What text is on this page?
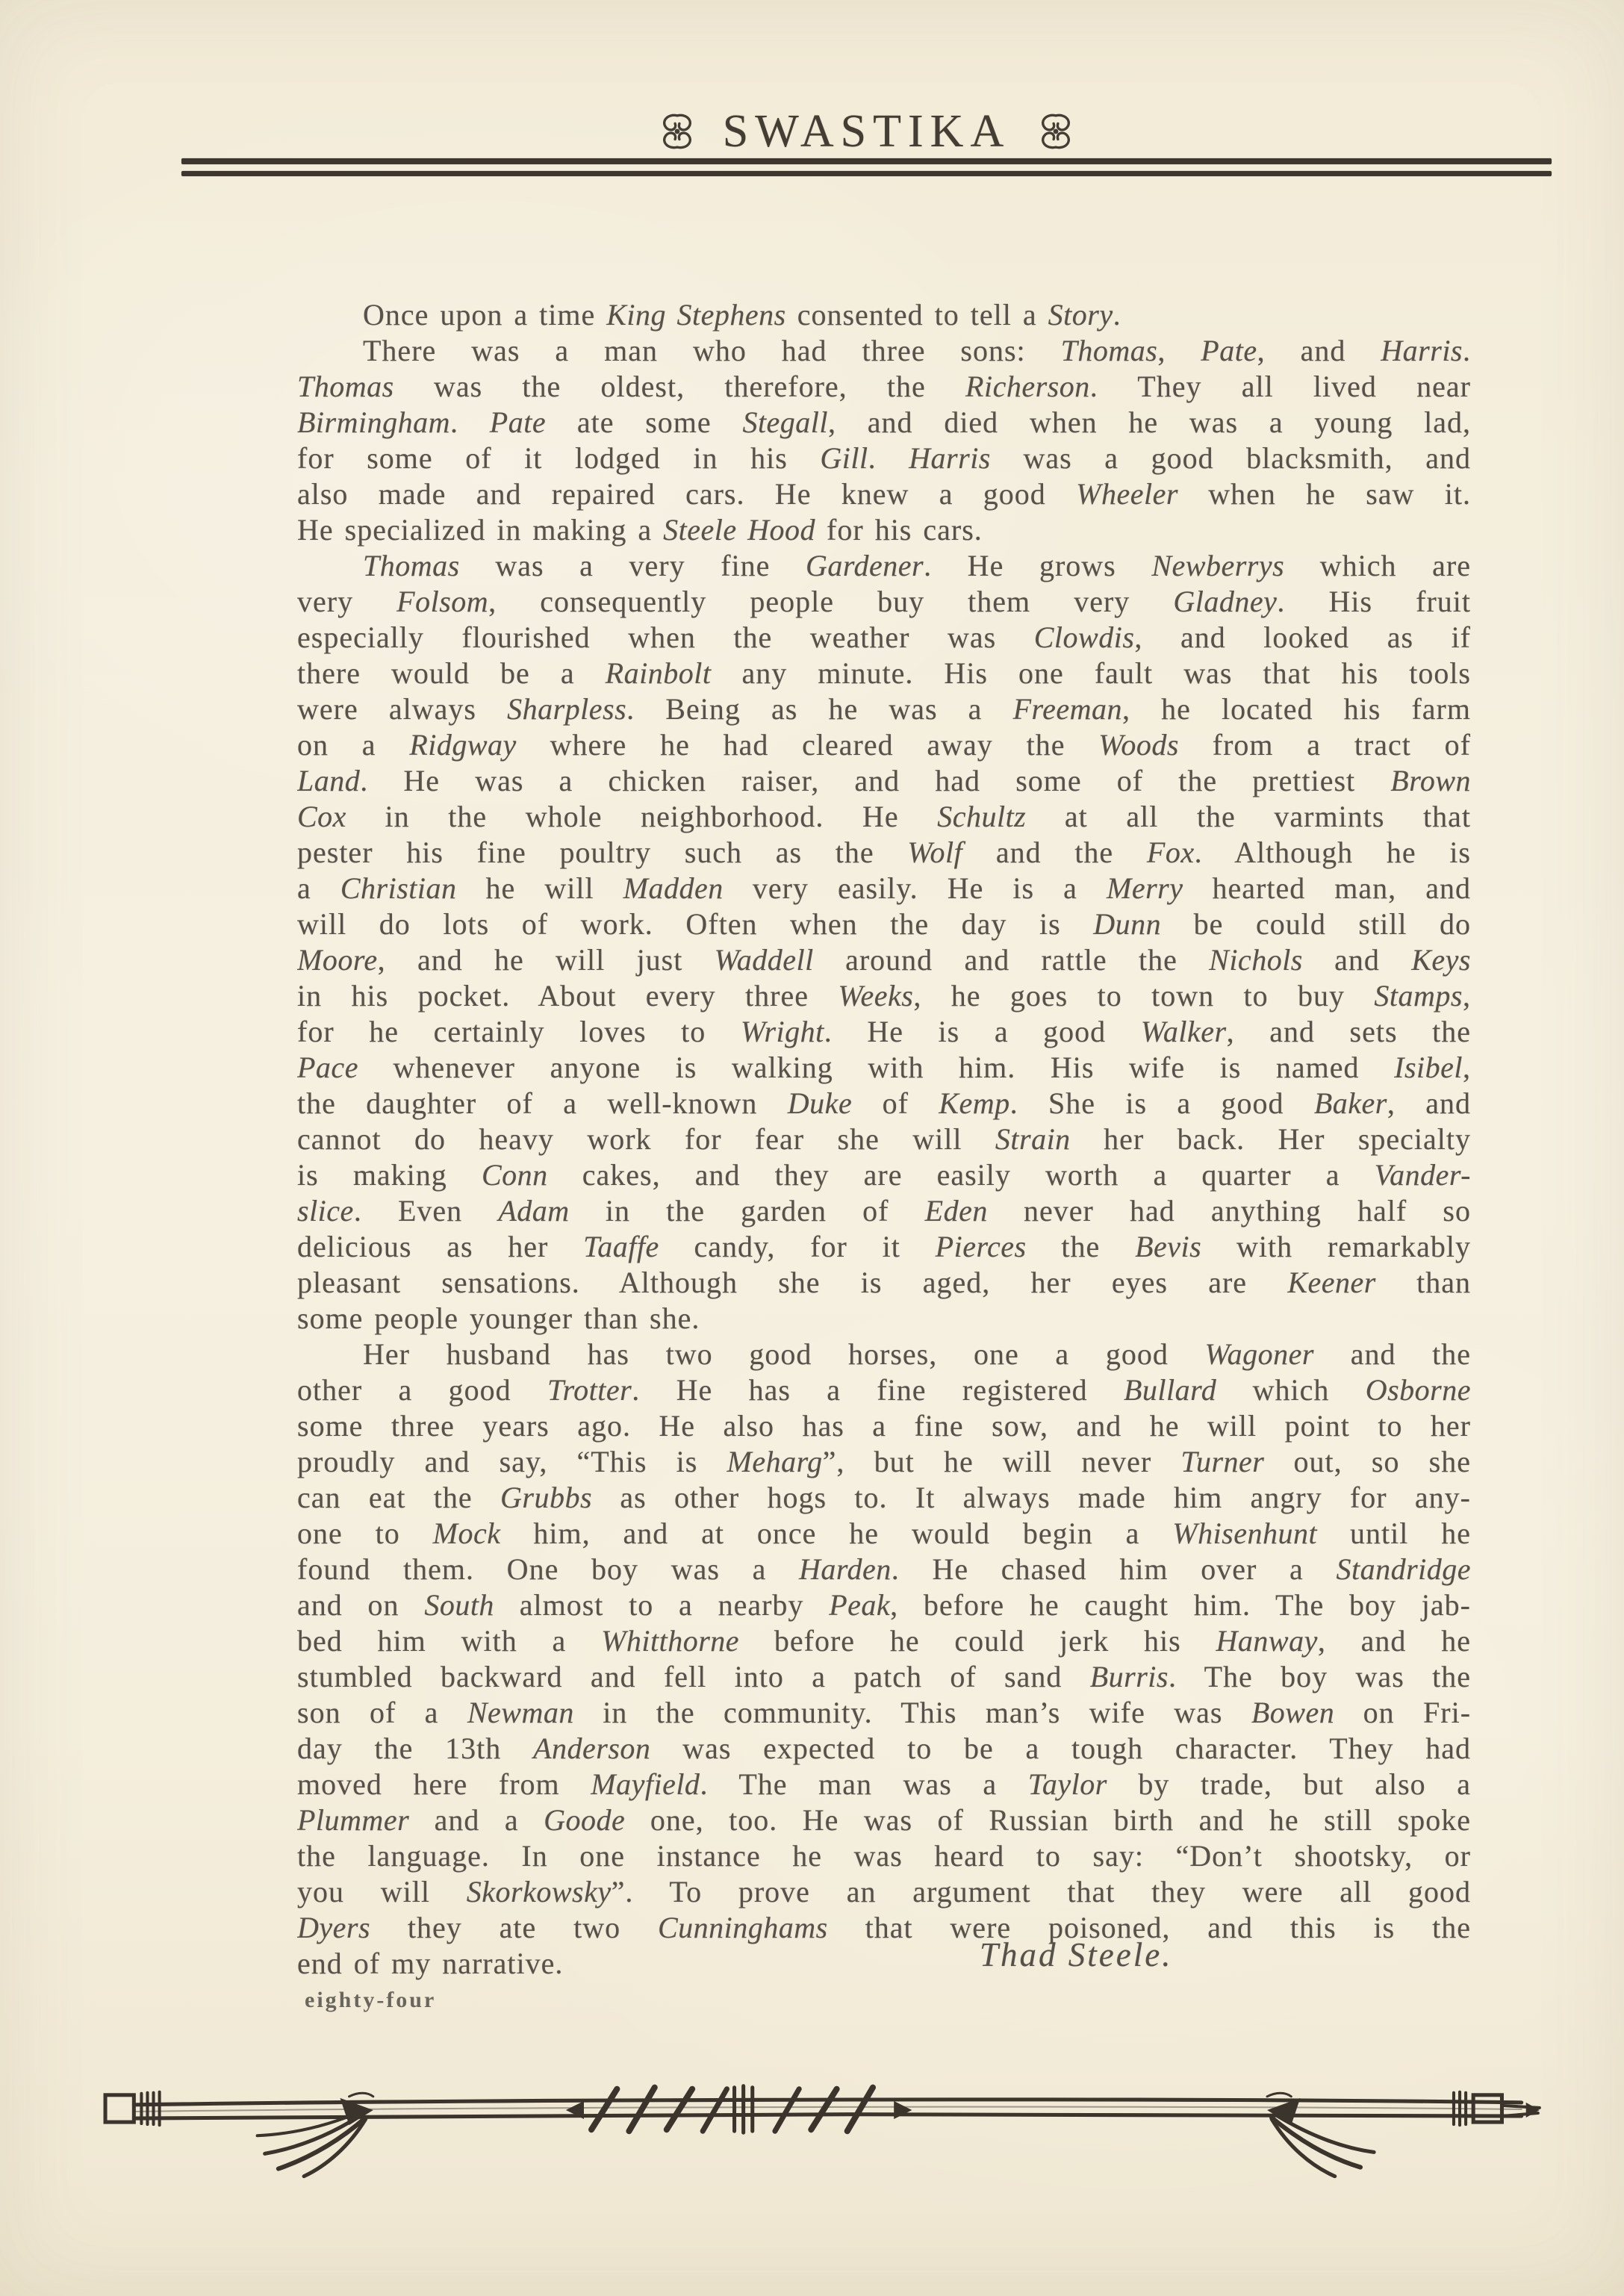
SWASTIKA
Once upon a time King Stephens consented to tell a Story.
There was a man who had three sons: Thomas, Pate, and Harris.
Thomas was the oldest, therefore, the Richerson. They all lived near
Birmingham. Pate ate some Stegall, and died when he was a young lad,
for some of it lodged in his Gill. Harris was a good blacksmith, and
also made and repaired cars. He knew a good Wheeler when he saw it.
He specialized in making a Steele Hood for his cars.
Thomas was a very fine Gardener. He grows Newberrys which are
very Folsom, consequently people buy them very Gladney. His fruit
especially flourished when the weather was Clowdis, and looked as if
there would be a Rainbolt any minute. His one fault was that his tools
were always Sharpless. Being as he was a Freeman, he located his farm
on a Ridgway where he had cleared away the Woods from a tract of
Land. He was a chicken raiser, and had some of the prettiest Brown
Cox in the whole neighborhood. He Schultz at all the varmints that
pester his fine poultry such as the Wolf and the Fox. Although he is
a Christian he will Madden very easily. He is a Merry hearted man, and
will do lots of work. Often when the day is Dunn be could still do
Moore, and he will just Waddell around and rattle the Nichols and Keys
in his pocket. About every three Weeks, he goes to town to buy Stamps,
for he certainly loves to Wright. He is a good Walker, and sets the
Pace whenever anyone is walking with him. His wife is named Isibel,
the daughter of a well-known Duke of Kemp. She is a good Baker, and
cannot do heavy work for fear she will Strain her back. Her specialty
is making Conn cakes, and they are easily worth a quarter a Vander-
slice. Even Adam in the garden of Eden never had anything half so
delicious as her Taaffe candy, for it Pierces the Bevis with remarkably
pleasant sensations. Although she is aged, her eyes are Keener than
some people younger than she.
Her husband has two good horses, one a good Wagoner and the
other a good Trotter. He has a fine registered Bullard which Osborne
some three years ago. He also has a fine sow, and he will point to her
proudly and say, “This is Meharg”, but he will never Turner out, so she
can eat the Grubbs as other hogs to. It always made him angry for any-
one to Mock him, and at once he would begin a Whisenhunt until he
found them. One boy was a Harden. He chased him over a Standridge
and on South almost to a nearby Peak, before he caught him. The boy jab-
bed him with a Whitthorne before he could jerk his Hanway, and he
stumbled backward and fell into a patch of sand Burris. The boy was the
son of a Newman in the community. This man’s wife was Bowen on Fri-
day the 13th Anderson was expected to be a tough character. They had
moved here from Mayfield. The man was a Taylor by trade, but also a
Plummer and a Goode one, too. He was of Russian birth and he still spoke
the language. In one instance he was heard to say: “Don’t shootsky, or
you will Skorkowsky”. To prove an argument that they were all good
Dyers they ate two Cunninghams that were poisoned, and this is the
end of my narrative.	Thad Steele.
eighty-four
